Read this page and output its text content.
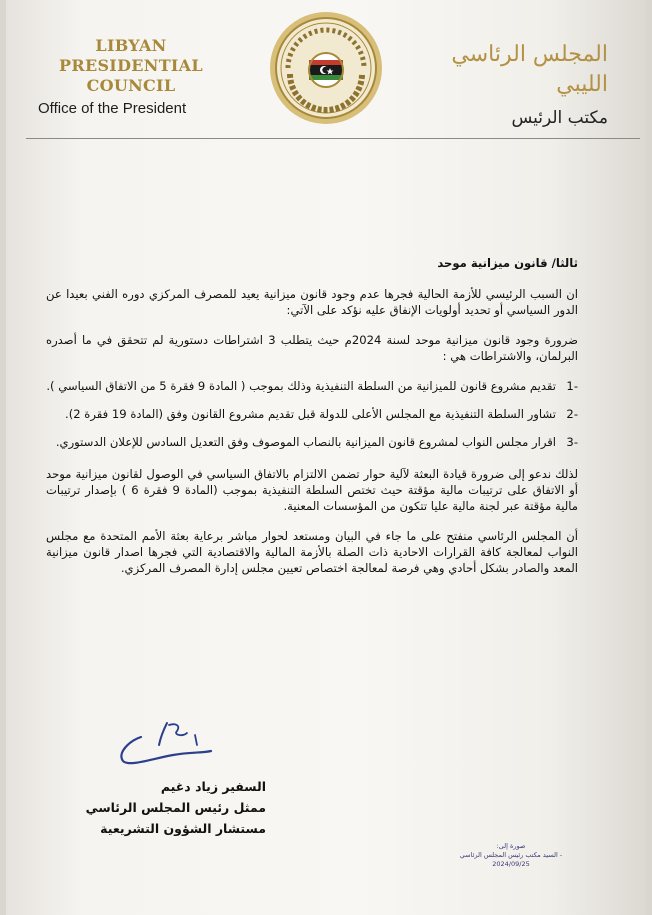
LIBYAN PRESIDENTIAL COUNCIL
Office of the President
المجلس الرئاسي الليبي
مكتب الرئيس
ثالثا/ قانون ميزانية موحد
ان السبب الرئيسي للأزمة الحالية فجرها عدم وجود قانون ميزانية يعيد للمصرف المركزي دوره الفني بعيدا عن الدور السياسي أو تحديد أولويات الإنفاق عليه نؤكد على الآتي:
ضرورة وجود قانون ميزانية موحد لسنة 2024م حيث يتطلب 3 اشتراطات دستورية لم تتحقق في ما أصدره البرلمان، والاشتراطات هي :
-1
تقديم مشروع قانون للميزانية من السلطة التنفيذية وذلك بموجب ( المادة 9 فقرة 5 من الاتفاق السياسي ).
-2
تشاور السلطة التنفيذية مع المجلس الأعلى للدولة قبل تقديم مشروع القانون وفق (المادة 19 فقرة 2).
-3
اقرار مجلس النواب لمشروع قانون الميزانية بالنصاب الموصوف وفق التعديل السادس للإعلان الدستوري.
لذلك ندعو إلى ضرورة قيادة البعثة لآلية حوار تضمن الالتزام بالاتفاق السياسي في الوصول لقانون ميزانية موحد أو الاتفاق على ترتيبات مالية مؤقتة حيث تختص السلطة التنفيذية بموجب (المادة 9 فقرة 6 ) بإصدار ترتيبات مالية مؤقتة عبر لجنة مالية عليا تتكون من المؤسسات المعنية.
أن المجلس الرئاسي منفتح على ما جاء في البيان ومستعد لحوار مباشر برعاية بعثة الأمم المتحدة مع مجلس النواب لمعالجة كافة القرارات الاحادية ذات الصلة بالأزمة المالية والاقتصادية التي فجرها اصدار قانون ميزانية المعد والصادر بشكل أحادي وهي فرصة لمعالجة اختصاص تعيين مجلس إدارة المصرف المركزي.
السفير زياد دغيم
ممثل رئيس المجلس الرئاسي
مستشار الشؤون التشريعية
صورة إلى:
- السيد مكتب رئيس المجلس الرئاسي
2024/09/25
